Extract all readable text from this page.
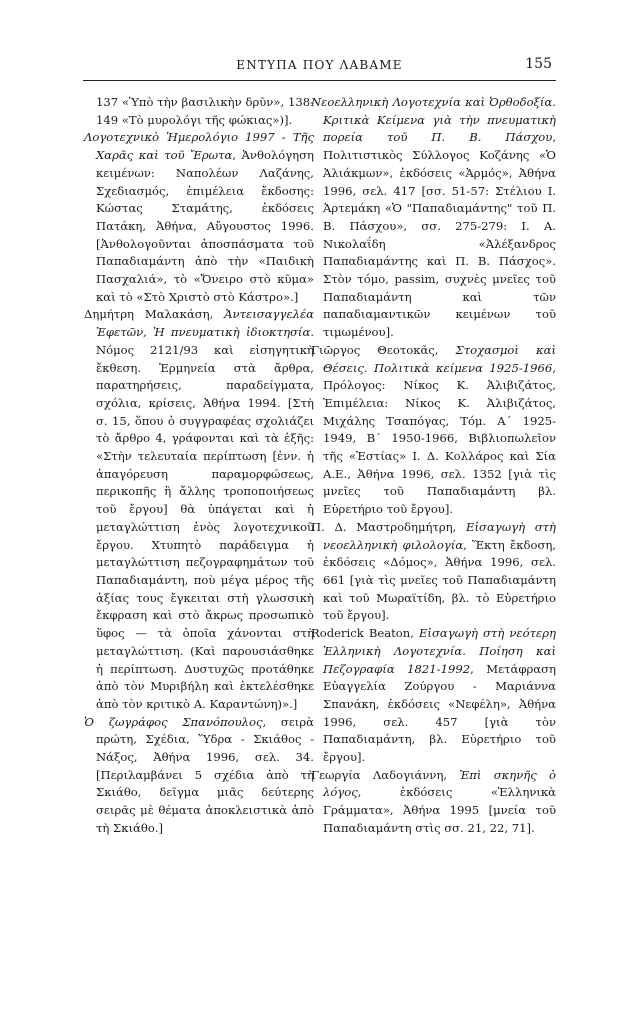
ΕΝΤΥΠΑ ΠΟΥ ΛΑΒΑΜΕ	155

137 «Ὑπὸ τὴν βασιλικὴν δρῦν», 138-149 «Τὸ μυρολόγι τῆς φώκιας»)].

Λογοτεχνικὸ Ἡμερολόγιο 1997 - Τῆς Χαρᾶς καὶ τοῦ Ἔρωτα, Ἀνθολόγηση κειμένων: Ναπολέων Λαζάνης, Σχεδιασμός, ἐπιμέλεια ἔκδοσης: Κώστας Σταμάτης, ἐκδόσεις Πατάκη, Ἀθήνα, Αὔγουστος 1996. [Ἀνθολογοῦνται ἀποσπάσματα τοῦ Παπαδιαμάντη ἀπὸ τὴν «Παιδικὴ Πασχαλιά», τὸ «Ὄνειρο στὸ κῦμα» καὶ τὸ «Στὸ Χριστὸ στὸ Κάστρο».]

Δημήτρη Μαλακάση, Ἀντεισαγγελέα Ἐφετῶν, Ἡ πνευματικὴ ἰδιοκτησία. Νόμος 2121/93 καὶ εἰσηγητικὴ ἔκθεση. Ἑρμηνεία στὰ ἄρθρα, παρατηρήσεις, παραδείγματα, σχόλια, κρίσεις, Ἀθήνα 1994. [Στὴ σ. 15, ὅπου ὁ συγγραφέας σχολιάζει τὸ ἄρθρο 4, γράφονται καὶ τὰ ἑξῆς: «Στὴν τελευταία περίπτωση [ἐνν. ἡ ἀπαγόρευση παραμορφώσεως, περικοπῆς ἢ ἄλλης τροποποιήσεως τοῦ ἔργου] θὰ ὑπάγεται καὶ ἡ μεταγλώττιση ἑνὸς λογοτεχνικοῦ ἔργου. Χτυπητὸ παράδειγμα ἡ μεταγλώττιση πεζογραφημάτων τοῦ Παπαδιαμάντη, ποὺ μέγα μέρος τῆς ἀξίας τους ἔγκειται στὴ γλωσσικὴ ἔκφραση καὶ στὸ ἄκρως προσωπικὸ ὕφος — τὰ ὁποῖα χάνονται στὴ μεταγλώττιση. (Καὶ παρουσιάσθηκε ἡ περίπτωση. Δυστυχῶς προτάθηκε ἀπὸ τὸν Μυριβήλη καὶ ἐκτελέσθηκε ἀπὸ τὸν κριτικὸ Α. Καραντώνη)».]

Ὁ ζωγράφος Σπανόπουλος, σειρὰ πρώτη, Σχέδια, Ὕδρα - Σκιάθος - Νάξος, Ἀθήνα 1996, σελ. 34. [Περιλαμβάνει 5 σχέδια ἀπὸ τὴ Σκιάθο, δεῖγμα μιᾶς δεύτερης σειρᾶς μὲ θέματα ἀποκλειστικὰ ἀπὸ τὴ Σκιάθο.]

Νεοελληνικὴ Λογοτεχνία καὶ Ὀρθοδοξία. Κριτικὰ Κείμενα γιὰ τὴν πνευματικὴ πορεία τοῦ Π. Β. Πάσχου, Πολιτιστικὸς Σύλλογος Κοζάνης «Ὁ Ἀλιάκμων», ἐκδόσεις «Ἁρμός», Ἀθήνα 1996, σελ. 417 [σσ. 51-57: Στέλιου Ι. Ἀρτεμάκη «Ὁ "Παπαδιαμάντης" τοῦ Π. Β. Πάσχου», σσ. 275-279: Ι. Α. Νικολαΐδη «Ἀλέξανδρος Παπαδιαμάντης καὶ Π. Β. Πάσχος». Στὸν τόμο, passim, συχνὲς μνεῖες τοῦ Παπαδιαμάντη καὶ τῶν παπαδιαμαντικῶν κειμένων τοῦ τιμωμένου].

Γιῶργος Θεοτοκᾶς, Στοχασμοὶ καὶ Θέσεις. Πολιτικὰ κείμενα 1925-1966, Πρόλογος: Νίκος Κ. Ἀλιβιζάτος, Ἐπιμέλεια: Νίκος Κ. Ἀλιβιζάτος, Μιχάλης Τσαπόγας, Τόμ. Α΄ 1925-1949, Β΄ 1950-1966, Βιβλιοπωλεῖον τῆς «Ἑστίας» Ι. Δ. Κολλάρος καὶ Σία Α.Ε., Ἀθήνα 1996, σελ. 1352 [γιὰ τὶς μνεῖες τοῦ Παπαδιαμάντη βλ. Εὑρετήριο τοῦ ἔργου].

Π. Δ. Μαστροδημήτρη, Εἰσαγωγὴ στὴ νεοελληνικὴ φιλολογία, Ἕκτη ἔκδοση, ἐκδόσεις «Δόμος», Ἀθήνα 1996, σελ. 661 [γιὰ τὶς μνεῖες τοῦ Παπαδιαμάντη καὶ τοῦ Μωραϊτίδη, βλ. τὸ Εὑρετήριο τοῦ ἔργου].

Roderick Beaton, Εἰσαγωγὴ στὴ νεότερη Ἑλληνικὴ Λογοτεχνία. Ποίηση καὶ Πεζογραφία 1821-1992, Μετάφραση Εὐαγγελία Ζούργου - Μαριάννα Σπανάκη, ἐκδόσεις «Νεφέλη», Ἀθήνα 1996, σελ. 457 [γιὰ τὸν Παπαδιαμάντη, βλ. Εὑρετήριο τοῦ ἔργου].

Γεωργία Λαδογιάννη, Ἐπὶ σκηνῆς ὁ λόγος, ἐκδόσεις «Ἑλληνικὰ Γράμματα», Ἀθήνα 1995 [μνεία τοῦ Παπαδιαμάντη στὶς σσ. 21, 22, 71].
